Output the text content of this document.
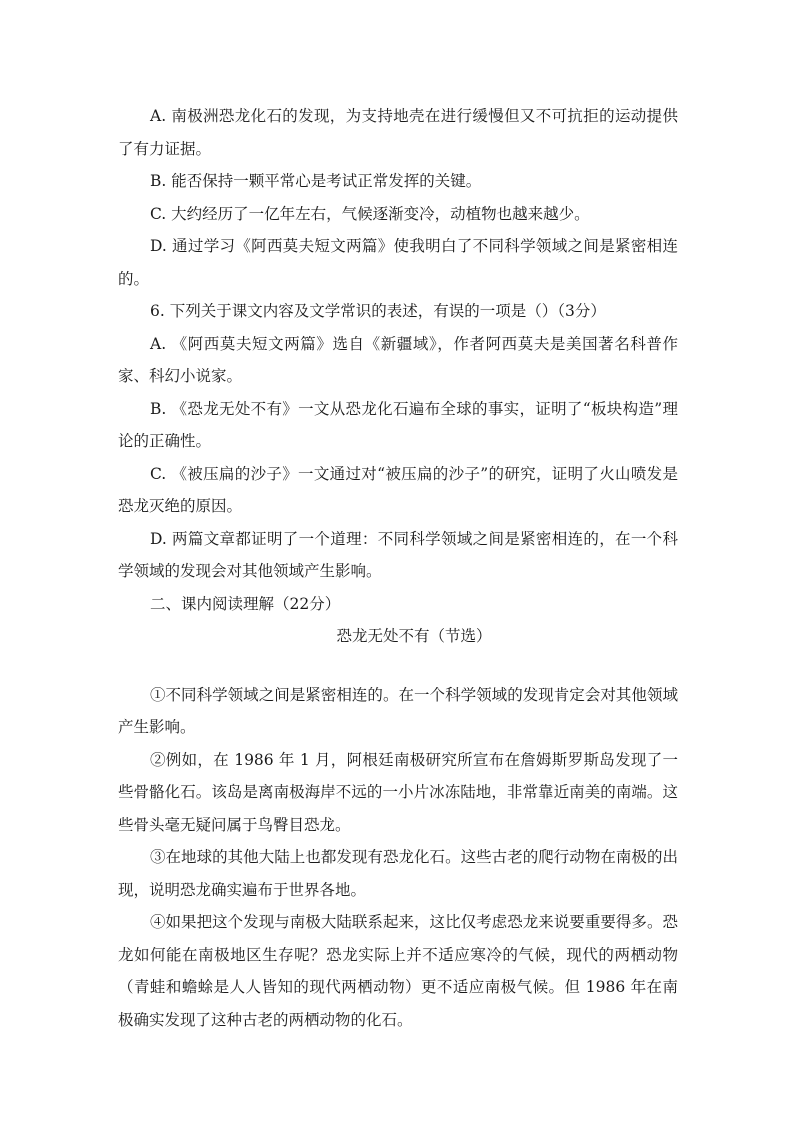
A. 南极洲恐龙化石的发现，为支持地壳在进行缓慢但又不可抗拒的运动提供了有力证据。

B. 能否保持一颗平常心是考试正常发挥的关键。

C. 大约经历了一亿年左右，气候逐渐变冷，动植物也越来越少。

D. 通过学习《阿西莫夫短文两篇》使我明白了不同科学领域之间是紧密相连的。

6. 下列关于课文内容及文学常识的表述，有误的一项是（）（3分）

A. 《阿西莫夫短文两篇》选自《新疆域》，作者阿西莫夫是美国著名科普作家、科幻小说家。

B. 《恐龙无处不有》一文从恐龙化石遍布全球的事实，证明了“板块构造”理论的正确性。

C. 《被压扁的沙子》一文通过对“被压扁的沙子”的研究，证明了火山喷发是恐龙灭绝的原因。

D. 两篇文章都证明了一个道理：不同科学领域之间是紧密相连的，在一个科学领域的发现会对其他领域产生影响。

二、课内阅读理解（22分）

恐龙无处不有（节选）

①不同科学领域之间是紧密相连的。在一个科学领域的发现肯定会对其他领域产生影响。

②例如，在 1986 年 1 月，阿根廷南极研究所宣布在詹姆斯罗斯岛发现了一些骨骼化石。该岛是离南极海岸不远的一小片冰冻陆地，非常靠近南美的南端。这些骨头毫无疑问属于鸟臀目恐龙。

③在地球的其他大陆上也都发现有恐龙化石。这些古老的爬行动物在南极的出现，说明恐龙确实遍布于世界各地。

④如果把这个发现与南极大陆联系起来，这比仅考虑恐龙来说要重要得多。恐龙如何能在南极地区生存呢？恐龙实际上并不适应寒冷的气候，现代的两栖动物（青蛙和蟾蜍是人人皆知的现代两栖动物）更不适应南极气候。但 1986 年在南极确实发现了这种古老的两栖动物的化石。
